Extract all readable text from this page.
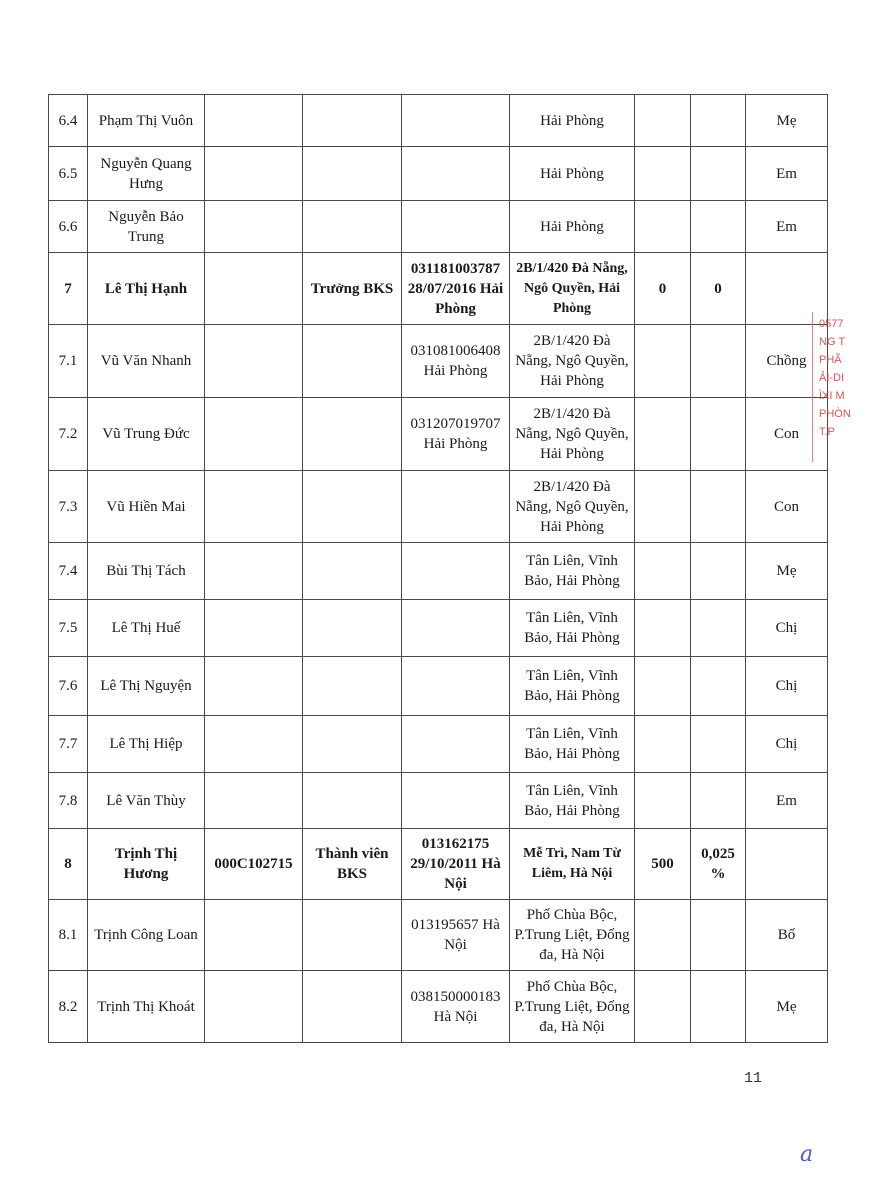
6.4	Phạm Thị Vuôn				Hải Phòng			Mẹ
6.5	Nguyễn Quang Hưng				Hải Phòng			Em
6.6	Nguyễn Bảo Trung				Hải Phòng			Em
7	Lê Thị Hạnh		Trưởng BKS	031181003787 28/07/2016 Hải Phòng	2B/1/420 Đà Nẵng, Ngô Quyền, Hải Phòng	0	0	
7.1	Vũ Văn Nhanh			031081006408 Hải Phòng	2B/1/420 Đà Nẵng, Ngô Quyền, Hải Phòng			Chồng
7.2	Vũ Trung Đức			031207019707 Hải Phòng	2B/1/420 Đà Nẵng, Ngô Quyền, Hải Phòng			Con
7.3	Vũ Hiền Mai				2B/1/420 Đà Nẵng, Ngô Quyền, Hải Phòng			Con
7.4	Bùi Thị Tách				Tân Liên, Vĩnh Bảo, Hải Phòng			Mẹ
7.5	Lê Thị Huế				Tân Liên, Vĩnh Bảo, Hải Phòng			Chị
7.6	Lê Thị Nguyện				Tân Liên, Vĩnh Bảo, Hải Phòng			Chị
7.7	Lê Thị Hiệp				Tân Liên, Vĩnh Bảo, Hải Phòng			Chị
7.8	Lê Văn Thùy				Tân Liên, Vĩnh Bảo, Hải Phòng			Em
8	Trịnh Thị Hương	000C102715	Thành viên BKS	013162175 29/10/2011 Hà Nội	Mễ Trì, Nam Từ Liêm, Hà Nội	500	0,025 %	
8.1	Trịnh Công Loan			013195657 Hà Nội	Phố Chùa Bộc, P.Trung Liệt, Đống đa, Hà Nội			Bố
8.2	Trịnh Thị Khoát			038150000183 Hà Nội	Phố Chùa Bộc, P.Trung Liệt, Đống đa, Hà Nội			Mẹ
0577
NG T
PHÃ
ẢI-DI
ÌXI M
PHÒN
T.P
11
a
